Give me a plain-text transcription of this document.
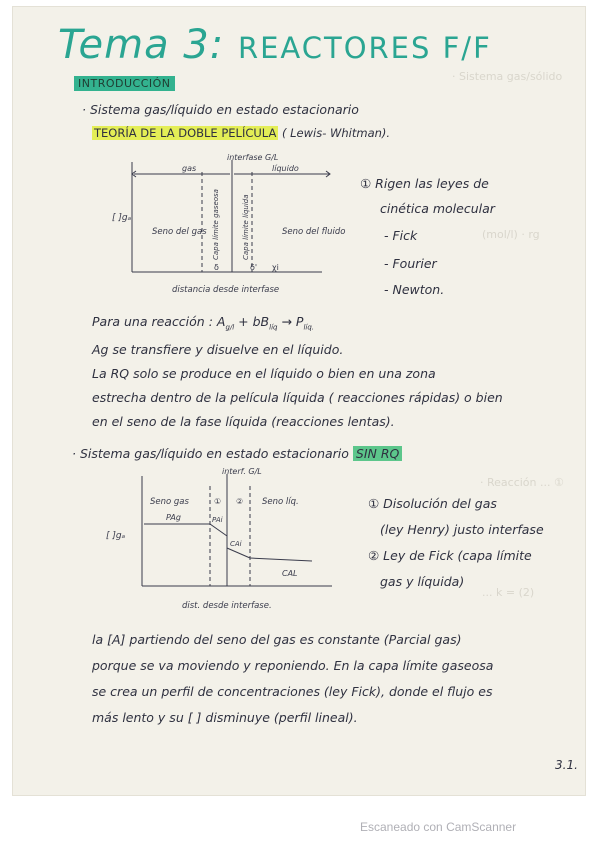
· Sistema gas/sólido
(mol/l) · rg
· Reacción ... ①
... k = (2)
Tema 3: REACTORES F/F
INTRODUCCIÓN
· Sistema gas/líquido en estado estacionario
TEORÍA DE LA DOBLE PELÍCULA ( Lewis- Whitman).
interfase G/L
gas	líquido
[ ]gₐ
Seno del gas Capa límite gaseosa	Capa límite líquida	Seno del fluido
δ	δ' χi
distancia desde interfase
① Rigen las leyes de
cinética molecular
- Fick
- Fourier
- Newton.
Para una reacción : $A_{g/l} + bB_{líq} \to P_{líq.}$
Ag se transfiere y disuelve en el líquido.
La RQ solo se produce en el líquido o bien en una zona
estrecha dentro de la película líquida ( reacciones rápidas) o bien
en el seno de la fase líquida (reacciones lentas).
· Sistema gas/líquido en estado estacionario SIN RQ
interf. G/L
Seno gas	① ② Seno líq.
[ ]gₐ
PAg	PAi
CAi
CAL
dist. desde interfase.
① Disolución del gas
(ley Henry) justo interfase
② Ley de Fick (capa límite
gas y líquida)
la [A] partiendo del seno del gas es constante (Parcial gas)
porque se va moviendo y reponiendo. En la capa límite gaseosa
se crea un perfil de concentraciones (ley Fick), donde el flujo es
más lento y su [ ] disminuye (perfil lineal).
3.1.
Escaneado con CamScanner
